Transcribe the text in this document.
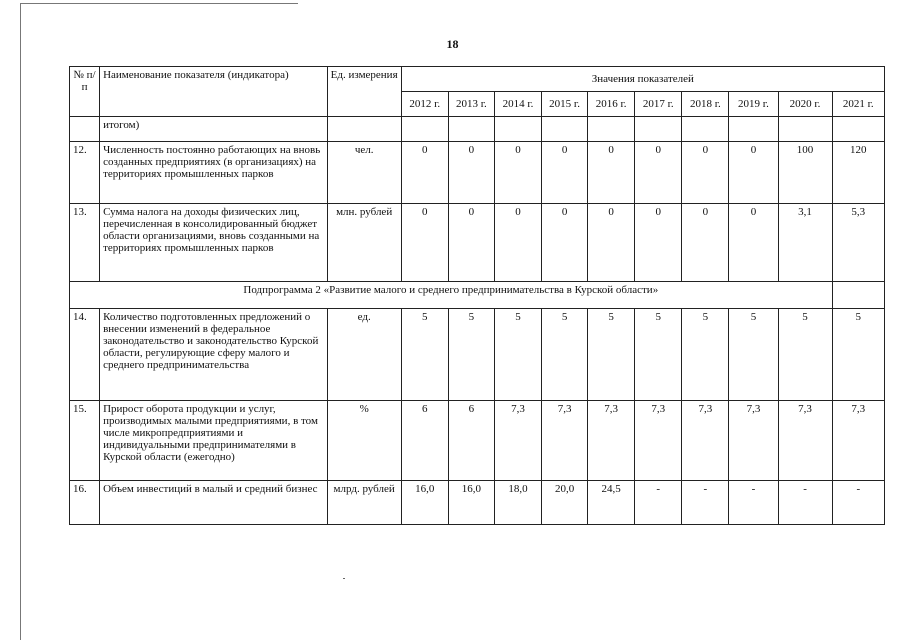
18
№ п/п	Наименование показателя (индикатора)	Ед. измерения	Значения показателей									
			2012 г.	2013 г.	2014 г.	2015 г.	2016 г.	2017 г.	2018 г.	2019 г.	2020 г.	2021 г.
	итогом)											
12.	Численность постоянно работающих на вновь созданных предприятиях (в организациях) на территориях промышленных парков	чел.	0	0	0	0	0	0	0	0	100	120
13.	Сумма налога на доходы физических лиц, перечисленная в консолидированный бюджет области организациями, вновь созданными на территориях промышленных парков	млн. рублей	0	0	0	0	0	0	0	0	3,1	5,3
Подпрограмма 2 «Развитие малого и среднего предпринимательства в Курской области»												
14.	Количество подготовленных предложений о внесении изменений в федеральное законодательство и законодательство Курской области, регулирующие сферу малого и среднего предпринимательства	ед.	5	5	5	5	5	5	5	5	5	5
15.	Прирост оборота продукции и услуг, производимых малыми предприятиями, в том числе микропредприятиями и индивидуальными предпринимателями в Курской области (ежегодно)	%	6	6	7,3	7,3	7,3	7,3	7,3	7,3	7,3	7,3
16.	Объем инвестиций в малый и средний бизнес	млрд. рублей	16,0	16,0	18,0	20,0	24,5	-	-	-	-	-
